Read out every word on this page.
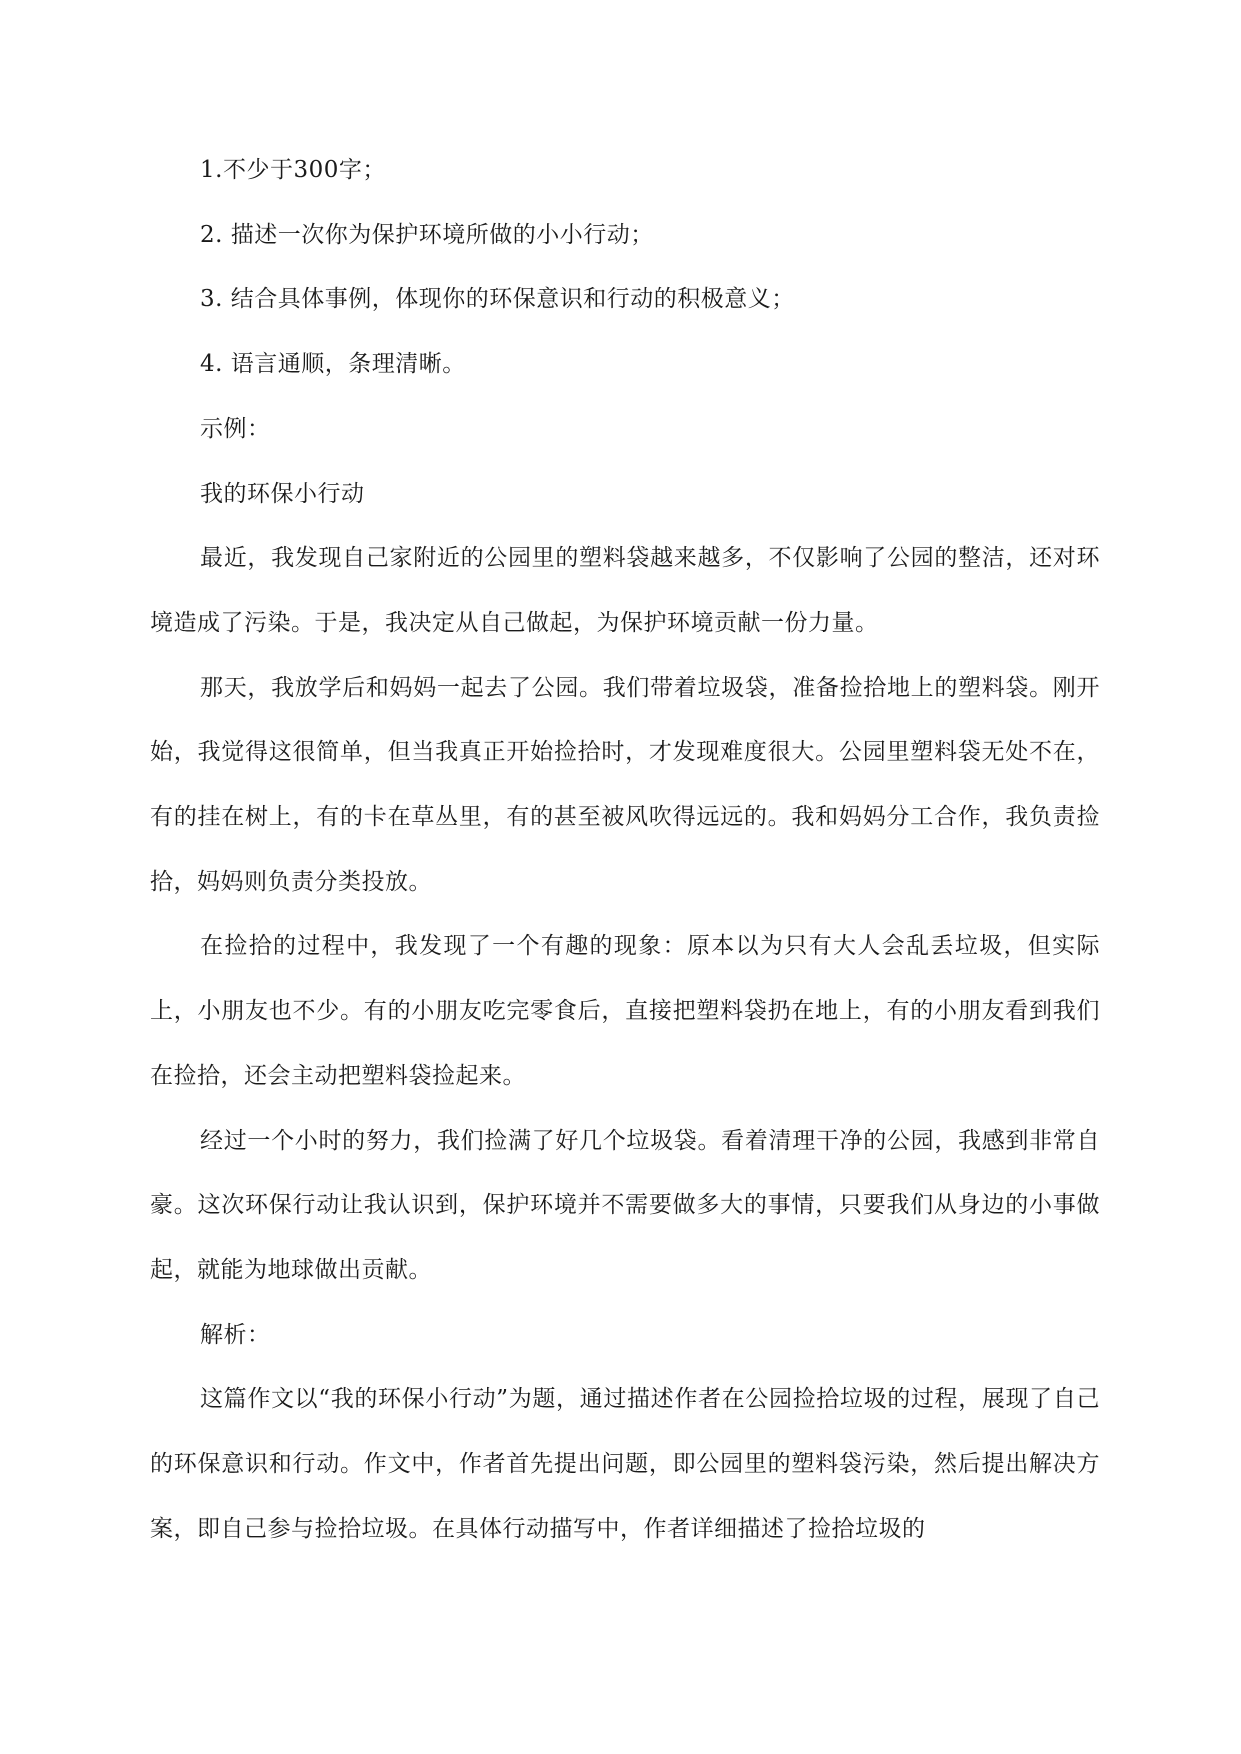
1.不少于300字；

2. 描述一次你为保护环境所做的小小行动；

3. 结合具体事例，体现你的环保意识和行动的积极意义；

4. 语言通顺，条理清晰。

示例：

我的环保小行动

最近，我发现自己家附近的公园里的塑料袋越来越多，不仅影响了公园的整洁，还对环境造成了污染。于是，我决定从自己做起，为保护环境贡献一份力量。

那天，我放学后和妈妈一起去了公园。我们带着垃圾袋，准备捡拾地上的塑料袋。刚开始，我觉得这很简单，但当我真正开始捡拾时，才发现难度很大。公园里塑料袋无处不在，有的挂在树上，有的卡在草丛里，有的甚至被风吹得远远的。我和妈妈分工合作，我负责捡拾，妈妈则负责分类投放。

在捡拾的过程中，我发现了一个有趣的现象：原本以为只有大人会乱丢垃圾，但实际上，小朋友也不少。有的小朋友吃完零食后，直接把塑料袋扔在地上，有的小朋友看到我们在捡拾，还会主动把塑料袋捡起来。

经过一个小时的努力，我们捡满了好几个垃圾袋。看着清理干净的公园，我感到非常自豪。这次环保行动让我认识到，保护环境并不需要做多大的事情，只要我们从身边的小事做起，就能为地球做出贡献。

解析：

这篇作文以“我的环保小行动”为题，通过描述作者在公园捡拾垃圾的过程，展现了自己的环保意识和行动。作文中，作者首先提出问题，即公园里的塑料袋污染，然后提出解决方案，即自己参与捡拾垃圾。在具体行动描写中，作者详细描述了捡拾垃圾的
